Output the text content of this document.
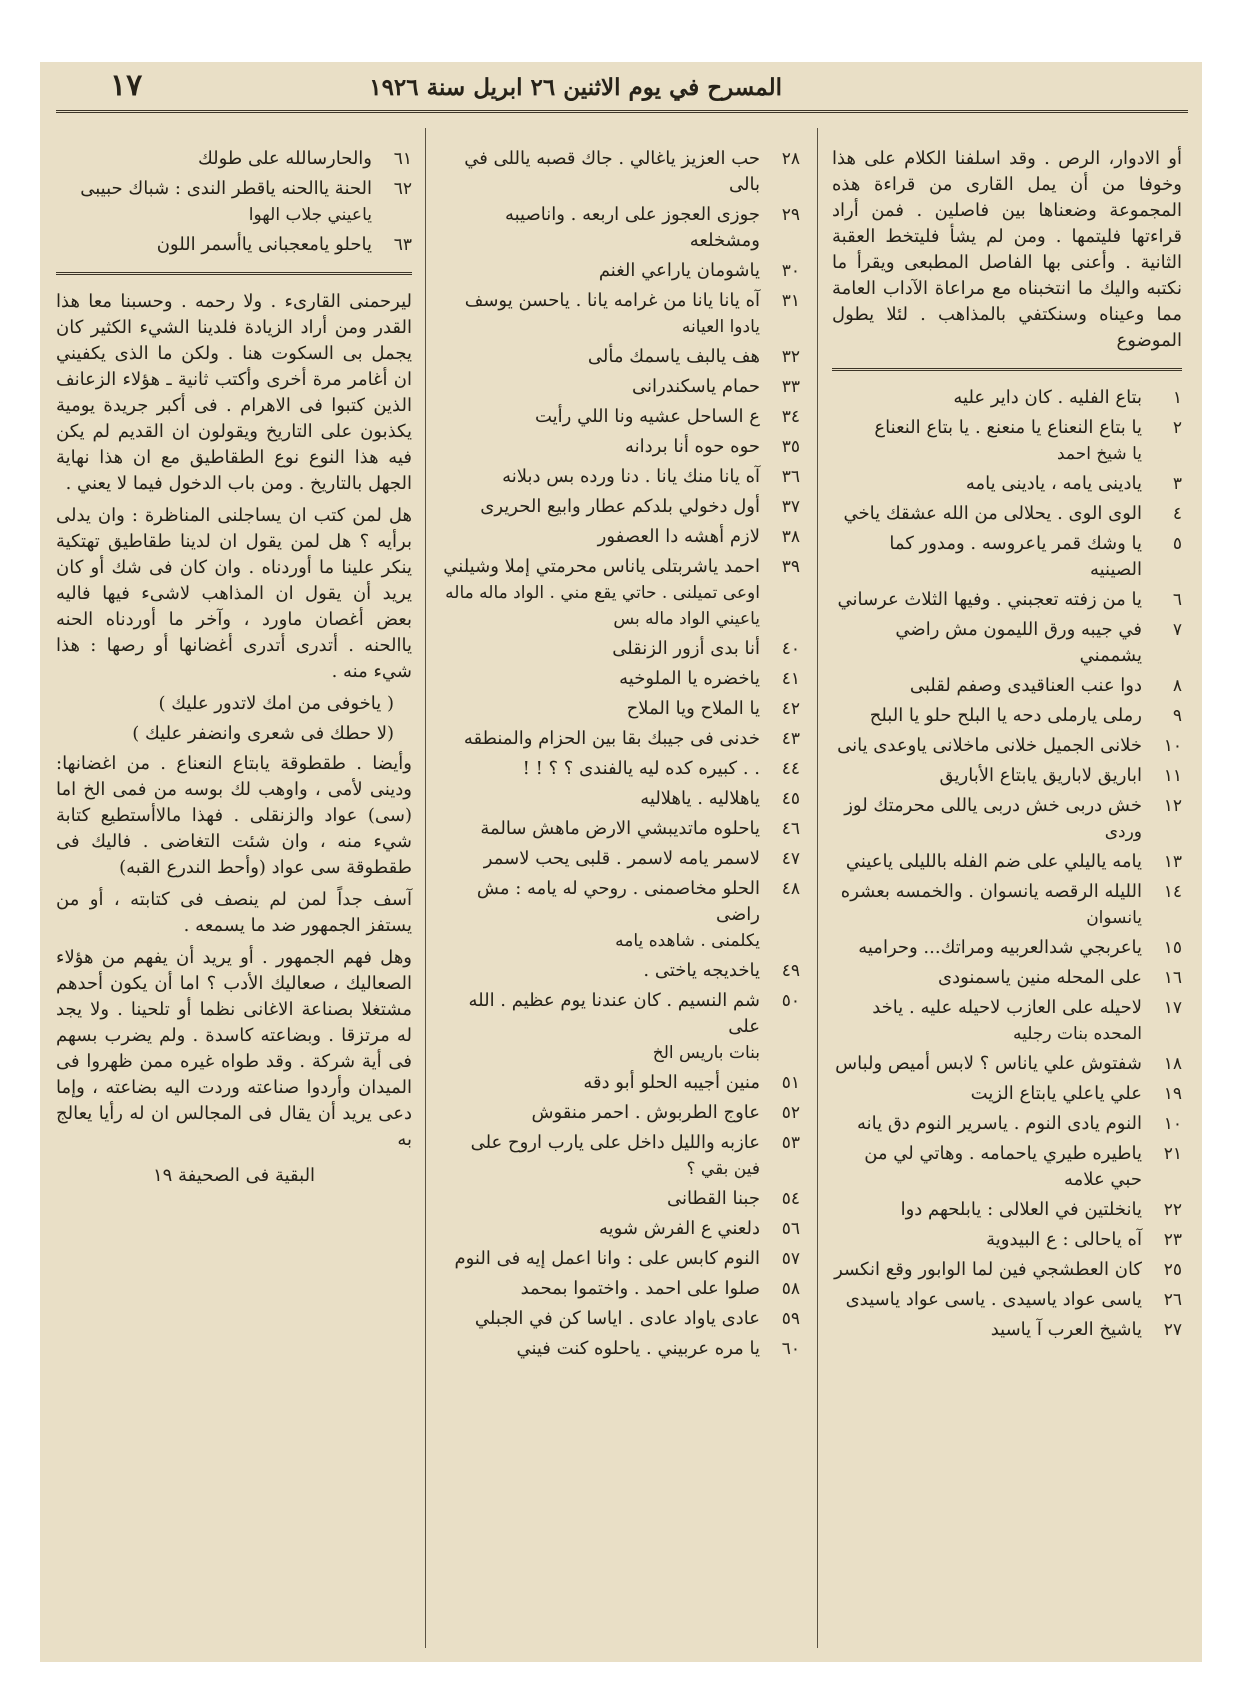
المسرح في يوم الاثنين ٢٦ ابريل سنة ١٩٢٦
١٧

أو الادوار، الرص . وقد اسلفنا الكلام على هذا وخوفا من أن يمل القارى من قراءة هذه المجموعة وضعناها بين فاصلين . فمن أراد قراءتها فليتمها . ومن لم يشأ فليتخط العقبة الثانية . وأعنى بها الفاصل المطبعى ويقرأ ما نكتبه واليك ما انتخبناه مع مراعاة الآداب العامة مما وعيناه وسنكتفي بالمذاهب . لئلا يطول الموضوع

١
بتاع الفليه . كان داير عليه
٢
يا بتاع النعناع يا منعنع . يا بتاع النعناع
يا شيخ احمد
٣
يادينى يامه ، يادينى يامه
٤
الوى الوى . يحلالى من الله عشقك ياخي
٥
يا وشك قمر ياعروسه . ومدور كما الصينيه
٦
يا من زفته تعجبني . وفيها الثلاث عرساني
٧
في جيبه ورق الليمون مش راضي يشممني
٨
دوا عنب العناقيدى وصفم لقلبى
٩
رملى يارملى دحه يا البلح حلو يا البلح
١٠
خلانى الجميل خلانى ماخلانى ياوعدى يانى
١١
اباريق لاباريق يابتاع الأباريق
١٢
خش دربى خش دربى ياللى محرمتك لوز
وردى
١٣
يامه ياليلي على ضم الفله بالليلى ياعيني
١٤
الليله الرقصه يانسوان . والخمسه بعشره
يانسوان
١٥
ياعربجي شدالعربيه ومراتك... وحراميه
١٦
على المحله منين ياسمنودى
١٧
لاحيله على العازب لاحيله عليه . ياخد
المحده بنات رجليه
١٨
شفتوش علي ياناس ؟ لابس أميص ولباس
١٩
علي ياعلي يابتاع الزيت
١٠
النوم يادى النوم . ياسرير النوم دق يانه
٢١
ياطيره طيري ياحمامه . وهاتي لي من حبي علامه
٢٢
يانخلتين في العلالى : يابلحهم دوا
٢٣
آه ياحالى : ع البيدوية
٢٥
كان العطشجي فين لما الوابور وقع انكسر
٢٦
ياسى عواد ياسيدى . ياسى عواد ياسيدى
٢٧
ياشيخ العرب آ ياسيد
٢٨
حب العزيز ياغالي . جاك قصبه ياللى في بالى
٢٩
جوزى العجوز على اربعه . واناصيبه ومشخلعه
٣٠
ياشومان ياراعي الغنم
٣١
آه يانا يانا من غرامه يانا . ياحسن يوسف
يادوا العيانه
٣٢
هف يالبف ياسمك مألى
٣٣
حمام ياسكندرانى
٣٤
ع الساحل عشيه ونا اللي رأيت
٣٥
حوه حوه أنا بردانه
٣٦
آه يانا منك يانا . دنا ورده بس دبلانه
٣٧
أول دخولي بلدكم عطار وابيع الحريرى
٣٨
لازم أهشه دا العصفور
٣٩
احمد ياشربتلى ياناس محرمتي إملا وشيلني
اوعى تميلنى . حاتي يقع مني . الواد ماله ماله ياعيني الواد ماله بس
٤٠
أنا بدى أزور الزنقلى
٤١
ياخضره يا الملوخيه
٤٢
يا الملاح ويا الملاح
٤٣
خدنى فى جيبك بقا بين الحزام والمنطقه
٤٤
. . كبيره كده ليه يالفندى ؟ ؟ ! !
٤٥
ياهلاليه . ياهلاليه
٤٦
ياحلوه ماتديبشي الارض ماهش سالمة
٤٧
لاسمر يامه لاسمر . قلبى يحب لاسمر
٤٨
الحلو مخاصمنى . روحي له يامه : مش راضى
يكلمنى . شاهده يامه
٤٩
ياخديجه ياختى .
٥٠
شم النسيم . كان عندنا يوم عظيم . الله على
بنات باريس الخ
٥١
منين أجيبه الحلو أبو دقه
٥٢
عاوج الطربوش . احمر منقوش
٥٣
عازبه والليل داخل على يارب اروح على
فين بقي ؟
٥٤
جبنا القطانى
٥٦
دلعني ع الفرش شويه
٥٧
النوم كابس على : وانا اعمل إيه فى النوم
٥٨
صلوا على احمد . واختموا بمحمد
٥٩
عادى ياواد عادى . اياسا كن في الجبلي
٦٠
يا مره عربيني . ياحلوه كنت فيني
٦١
والحارسالله على طولك
٦٢
الحنة ياالحنه ياقطر الندى : شباك حبيبى
ياعيني جلاب الهوا
٦٣
ياحلو يامعجبانى ياأسمر اللون

ليرحمنى القارىء . ولا رحمه . وحسبنا معا هذا القدر ومن أراد الزيادة فلدينا الشيء الكثير كان يجمل بى السكوت هنا . ولكن ما الذى يكفيني ان أغامر مرة أخرى وأكتب ثانية ـ هؤلاء الزعانف الذين كتبوا فى الاهرام . فى أكبر جريدة يومية يكذبون على التاريخ ويقولون ان القديم لم يكن فيه هذا النوع نوع الطقاطيق مع ان هذا نهاية الجهل بالتاريخ . ومن باب الدخول فيما لا يعني .

هل لمن كتب ان يساجلنى المناظرة : وان يدلى برأيه ؟ هل لمن يقول ان لدينا طقاطيق تهتكية ينكر علينا ما أوردناه . وان كان فى شك أو كان يريد أن يقول ان المذاهب لاشىء فيها فاليه بعض أغصان ماورد ، وآخر ما أوردناه الحنه ياالحنه . أتدرى أتدرى أغضانها أو رصها : هذا شيء منه .

( ياخوفى من امك لاتدور عليك )

(لا حطك فى شعرى وانضفر عليك )

وأيضا . طقطوقة يابتاع النعناع . من اغضانها: ودينى لأمى ، واوهب لك بوسه من فمى الخ اما (سى) عواد والزنقلى . فهذا مالاأستطيع كتابة شيء منه ، وان شئت التغاضى . فاليك فى طقطوقة سى عواد (وأحط الندرع القبه)

آسف جداً لمن لم ينصف فى كتابته ، أو من يستفز الجمهور ضد ما يسمعه .

وهل فهم الجمهور . أو يريد أن يفهم من هؤلاء الصعاليك ، صعاليك الأدب ؟ اما أن يكون أحدهم مشتغلا بصناعة الاغانى نظما أو تلحينا . ولا يجد له مرتزقا . وبضاعته كاسدة . ولم يضرب بسهم فى أية شركة . وقد طواه غيره ممن ظهروا فى الميدان وأردوا صناعته وردت اليه بضاعته ، وإما دعى يريد أن يقال فى المجالس ان له رأيا يعالج به

البقية فى الصحيفة ١٩
